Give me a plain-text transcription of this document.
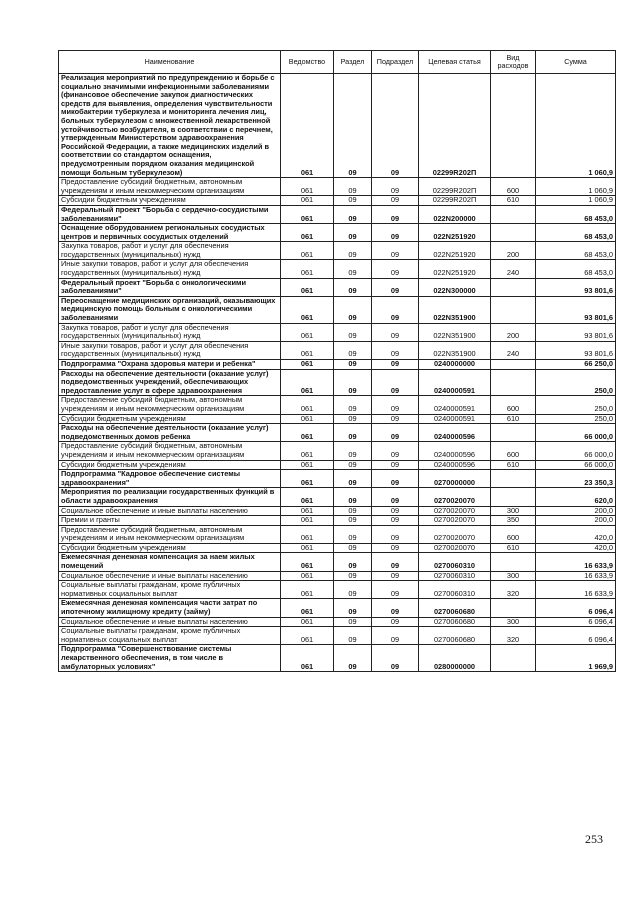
Наименование	Ведомство	Раздел	Подраздел	Целевая статья	Вид расходов	Сумма
Реализация мероприятий по предупреждению и борьбе с социально значимыми инфекционными заболеваниями (финансовое обеспечение закупок диагностических средств для выявления, определения чувствительности микобактерии туберкулеза и мониторинга лечения лиц, больных туберкулезом с множественной лекарственной устойчивостью возбудителя, в соответствии с перечнем, утвержденным Министерством здравоохранения Российской Федерации, а также медицинских изделий в соответствии со стандартом оснащения, предусмотренным порядком оказания медицинской помощи больным туберкулезом)	061	09	09	02299R202П		1 060,9
Предоставление субсидий бюджетным, автономным учреждениям и иным некоммерческим организациям	061	09	09	02299R202П	600	1 060,9
Субсидии бюджетным учреждениям	061	09	09	02299R202П	610	1 060,9
Федеральный проект "Борьба с сердечно-сосудистыми заболеваниями"	061	09	09	022N200000		68 453,0
Оснащение оборудованием региональных сосудистых центров и первичных сосудистых отделений	061	09	09	022N251920		68 453,0
Закупка товаров, работ и услуг для обеспечения государственных (муниципальных) нужд	061	09	09	022N251920	200	68 453,0
Иные закупки товаров, работ и услуг для обеспечения государственных (муниципальных) нужд	061	09	09	022N251920	240	68 453,0
Федеральный проект "Борьба с онкологическими заболеваниями"	061	09	09	022N300000		93 801,6
Переоснащение медицинских организаций, оказывающих медицинскую помощь больным с онкологическими заболеваниями	061	09	09	022N351900		93 801,6
Закупка товаров, работ и услуг для обеспечения государственных (муниципальных) нужд	061	09	09	022N351900	200	93 801,6
Иные закупки товаров, работ и услуг для обеспечения государственных (муниципальных) нужд	061	09	09	022N351900	240	93 801,6
Подпрограмма "Охрана здоровья матери и ребенка"	061	09	09	0240000000		66 250,0
Расходы на обеспечение деятельности (оказание услуг) подведомственных учреждений, обеспечивающих предоставление услуг в сфере здравоохранения	061	09	09	0240000591		250,0
Предоставление субсидий бюджетным, автономным учреждениям и иным некоммерческим организациям	061	09	09	0240000591	600	250,0
Субсидии бюджетным учреждениям	061	09	09	0240000591	610	250,0
Расходы на обеспечение деятельности (оказание услуг) подведомственных домов ребенка	061	09	09	0240000596		66 000,0
Предоставление субсидий бюджетным, автономным учреждениям и иным некоммерческим организациям	061	09	09	0240000596	600	66 000,0
Субсидии бюджетным учреждениям	061	09	09	0240000596	610	66 000,0
Подпрограмма "Кадровое обеспечение системы здравоохранения"	061	09	09	0270000000		23 350,3
Мероприятия по реализации государственных функций в области здравоохранения	061	09	09	0270020070		620,0
Социальное обеспечение и иные выплаты населению	061	09	09	0270020070	300	200,0
Премии и гранты	061	09	09	0270020070	350	200,0
Предоставление субсидий бюджетным, автономным учреждениям и иным некоммерческим организациям	061	09	09	0270020070	600	420,0
Субсидии бюджетным учреждениям	061	09	09	0270020070	610	420,0
Ежемесячная денежная компенсация за наем жилых помещений	061	09	09	0270060310		16 633,9
Социальное обеспечение и иные выплаты населению	061	09	09	0270060310	300	16 633,9
Социальные выплаты гражданам, кроме публичных нормативных социальных выплат	061	09	09	0270060310	320	16 633,9
Ежемесячная денежная компенсация части затрат по ипотечному жилищному кредиту (займу)	061	09	09	0270060680		6 096,4
Социальное обеспечение и иные выплаты населению	061	09	09	0270060680	300	6 096,4
Социальные выплаты гражданам, кроме публичных нормативных социальных выплат	061	09	09	0270060680	320	6 096,4
Подпрограмма "Совершенствование системы лекарственного обеспечения, в том числе в амбулаторных условиях"	061	09	09	0280000000		1 969,9
253
